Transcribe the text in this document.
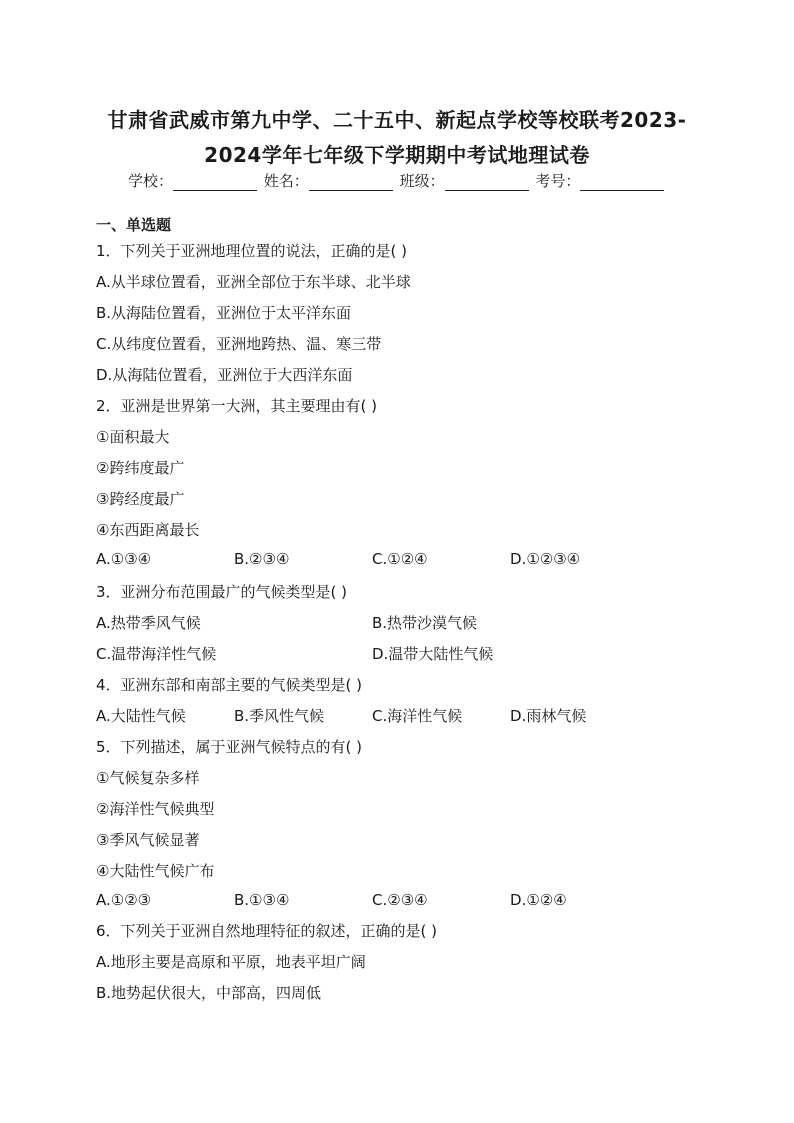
甘肃省武威市第九中学、二十五中、新起点学校等校联考2023-
2024学年七年级下学期期中考试地理试卷
学校：	姓名：	班级：	考号：
一、单选题
1．下列关于亚洲地理位置的说法，正确的是( )
A.从半球位置看，亚洲全部位于东半球、北半球
B.从海陆位置看，亚洲位于太平洋东面
C.从纬度位置看，亚洲地跨热、温、寒三带
D.从海陆位置看，亚洲位于大西洋东面
2．亚洲是世界第一大洲，其主要理由有( )
①面积最大
②跨纬度最广
③跨经度最广
④东西距离最长
A.①③④	B.②③④	C.①②④	D.①②③④
3．亚洲分布范围最广的气候类型是( )
A.热带季风气候	B.热带沙漠气候
C.温带海洋性气候	D.温带大陆性气候
4．亚洲东部和南部主要的气候类型是( )
A.大陆性气候	B.季风性气候	C.海洋性气候	D.雨林气候
5．下列描述，属于亚洲气候特点的有( )
①气候复杂多样
②海洋性气候典型
③季风气候显著
④大陆性气候广布
A.①②③	B.①③④	C.②③④	D.①②④
6．下列关于亚洲自然地理特征的叙述，正确的是( )
A.地形主要是高原和平原，地表平坦广阔
B.地势起伏很大，中部高，四周低
